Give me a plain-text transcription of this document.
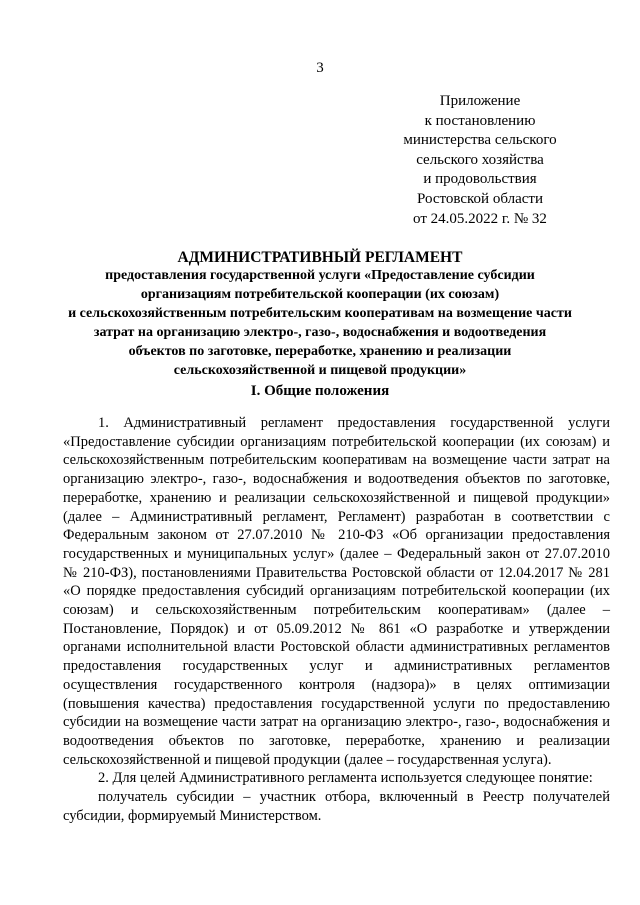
3
Приложение
к постановлению
министерства сельского
сельского хозяйства
и продовольствия
Ростовской области
от 24.05.2022 г. № 32
АДМИНИСТРАТИВНЫЙ РЕГЛАМЕНТ
предоставления государственной услуги «Предоставление субсидии
организациям потребительской кооперации (их союзам)
и сельскохозяйственным потребительским кооперативам на возмещение части
затрат на организацию электро-, газо-, водоснабжения и водоотведения
объектов по заготовке, переработке, хранению и реализации
сельскохозяйственной и пищевой продукции»
I. Общие положения

1. Административный регламент предоставления государственной услуги «Предоставление субсидии организациям потребительской кооперации (их союзам) и сельскохозяйственным потребительским кооперативам на возмещение части затрат на организацию электро-, газо-, водоснабжения и водоотведения объектов по заготовке, переработке, хранению и реализации сельскохозяйственной и пищевой продукции» (далее – Административный регламент, Регламент) разработан в соответствии с Федеральным законом от 27.07.2010 № 210-ФЗ «Об организации предоставления государственных и муниципальных услуг» (далее – Федеральный закон от 27.07.2010 № 210-ФЗ), постановлениями Правительства Ростовской области от 12.04.2017 № 281 «О порядке предоставления субсидий организациям потребительской кооперации (их союзам) и сельскохозяйственным потребительским кооперативам» (далее – Постановление, Порядок) и от 05.09.2012 № 861 «О разработке и утверждении органами исполнительной власти Ростовской области административных регламентов предоставления государственных услуг и административных регламентов осуществления государственного контроля (надзора)» в целях оптимизации (повышения качества) предоставления государственной услуги по предоставлению субсидии на возмещение части затрат на организацию электро-, газо-, водоснабжения и водоотведения объектов по заготовке, переработке, хранению и реализации сельскохозяйственной и пищевой продукции (далее – государственная услуга).

2. Для целей Административного регламента используется следующее понятие:

получатель субсидии – участник отбора, включенный в Реестр получателей субсидии, формируемый Министерством.
